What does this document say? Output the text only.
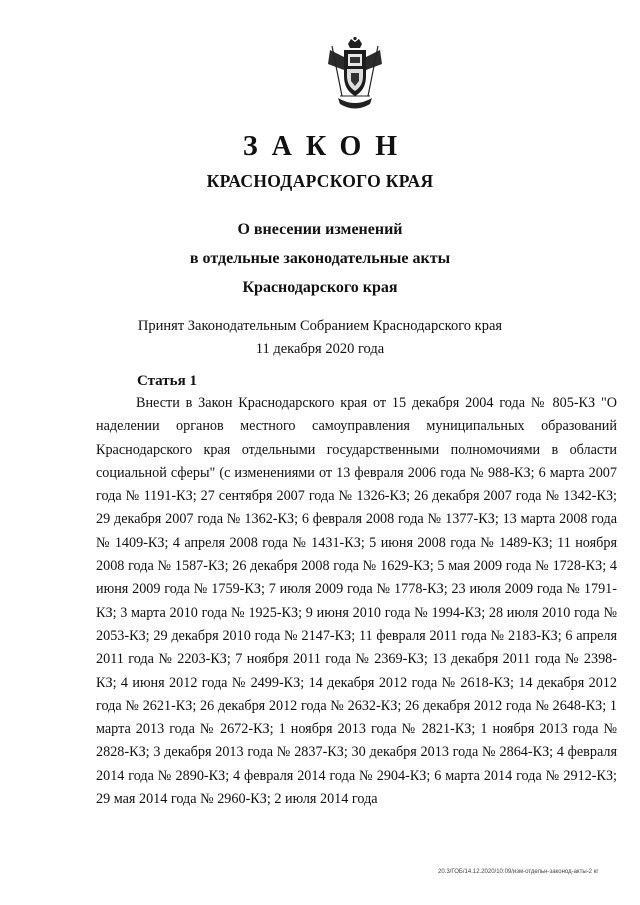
ЗАКОН
КРАСНОДАРСКОГО КРАЯ
О внесении изменений
в отдельные законодательные акты
Краснодарского края
Принят Законодательным Собранием Краснодарского края
11 декабря 2020 года
Статья 1

Внести в Закон Краснодарского края от 15 декабря 2004 года № 805-КЗ "О наделении органов местного самоуправления муниципальных образований Краснодарского края отдельными государственными полномочиями в области социальной сферы" (с изменениями от 13 февраля 2006 года № 988-КЗ; 6 марта 2007 года № 1191-КЗ; 27 сентября 2007 года № 1326-КЗ; 26 декабря 2007 года № 1342-КЗ; 29 декабря 2007 года № 1362-КЗ; 6 февраля 2008 года № 1377-КЗ; 13 марта 2008 года № 1409-КЗ; 4 апреля 2008 года № 1431-КЗ; 5 июня 2008 года № 1489-КЗ; 11 ноября 2008 года № 1587-КЗ; 26 декабря 2008 года № 1629-КЗ; 5 мая 2009 года № 1728-КЗ; 4 июня 2009 года № 1759-КЗ; 7 июля 2009 года № 1778-КЗ; 23 июля 2009 года № 1791-КЗ; 3 марта 2010 года № 1925-КЗ; 9 июня 2010 года № 1994-КЗ; 28 июля 2010 года № 2053-КЗ; 29 декабря 2010 года № 2147-КЗ; 11 февраля 2011 года № 2183-КЗ; 6 апреля 2011 года № 2203-КЗ; 7 ноября 2011 года № 2369-КЗ; 13 декабря 2011 года № 2398-КЗ; 4 июня 2012 года № 2499-КЗ; 14 декабря 2012 года № 2618-КЗ; 14 декабря 2012 года № 2621-КЗ; 26 декабря 2012 года № 2632-КЗ; 26 декабря 2012 года № 2648-КЗ; 1 марта 2013 года № 2672-КЗ; 1 ноября 2013 года № 2821-КЗ; 1 ноября 2013 года № 2828-КЗ; 3 декабря 2013 года № 2837-КЗ; 30 декабря 2013 года № 2864-КЗ; 4 февраля 2014 года № 2890-КЗ; 4 февраля 2014 года № 2904-КЗ; 6 марта 2014 года № 2912-КЗ; 29 мая 2014 года № 2960-КЗ; 2 июля 2014 года

20.3/ГОБ/14.12.2020/10:09/изм-отдельн-законод-акты-2 кг
